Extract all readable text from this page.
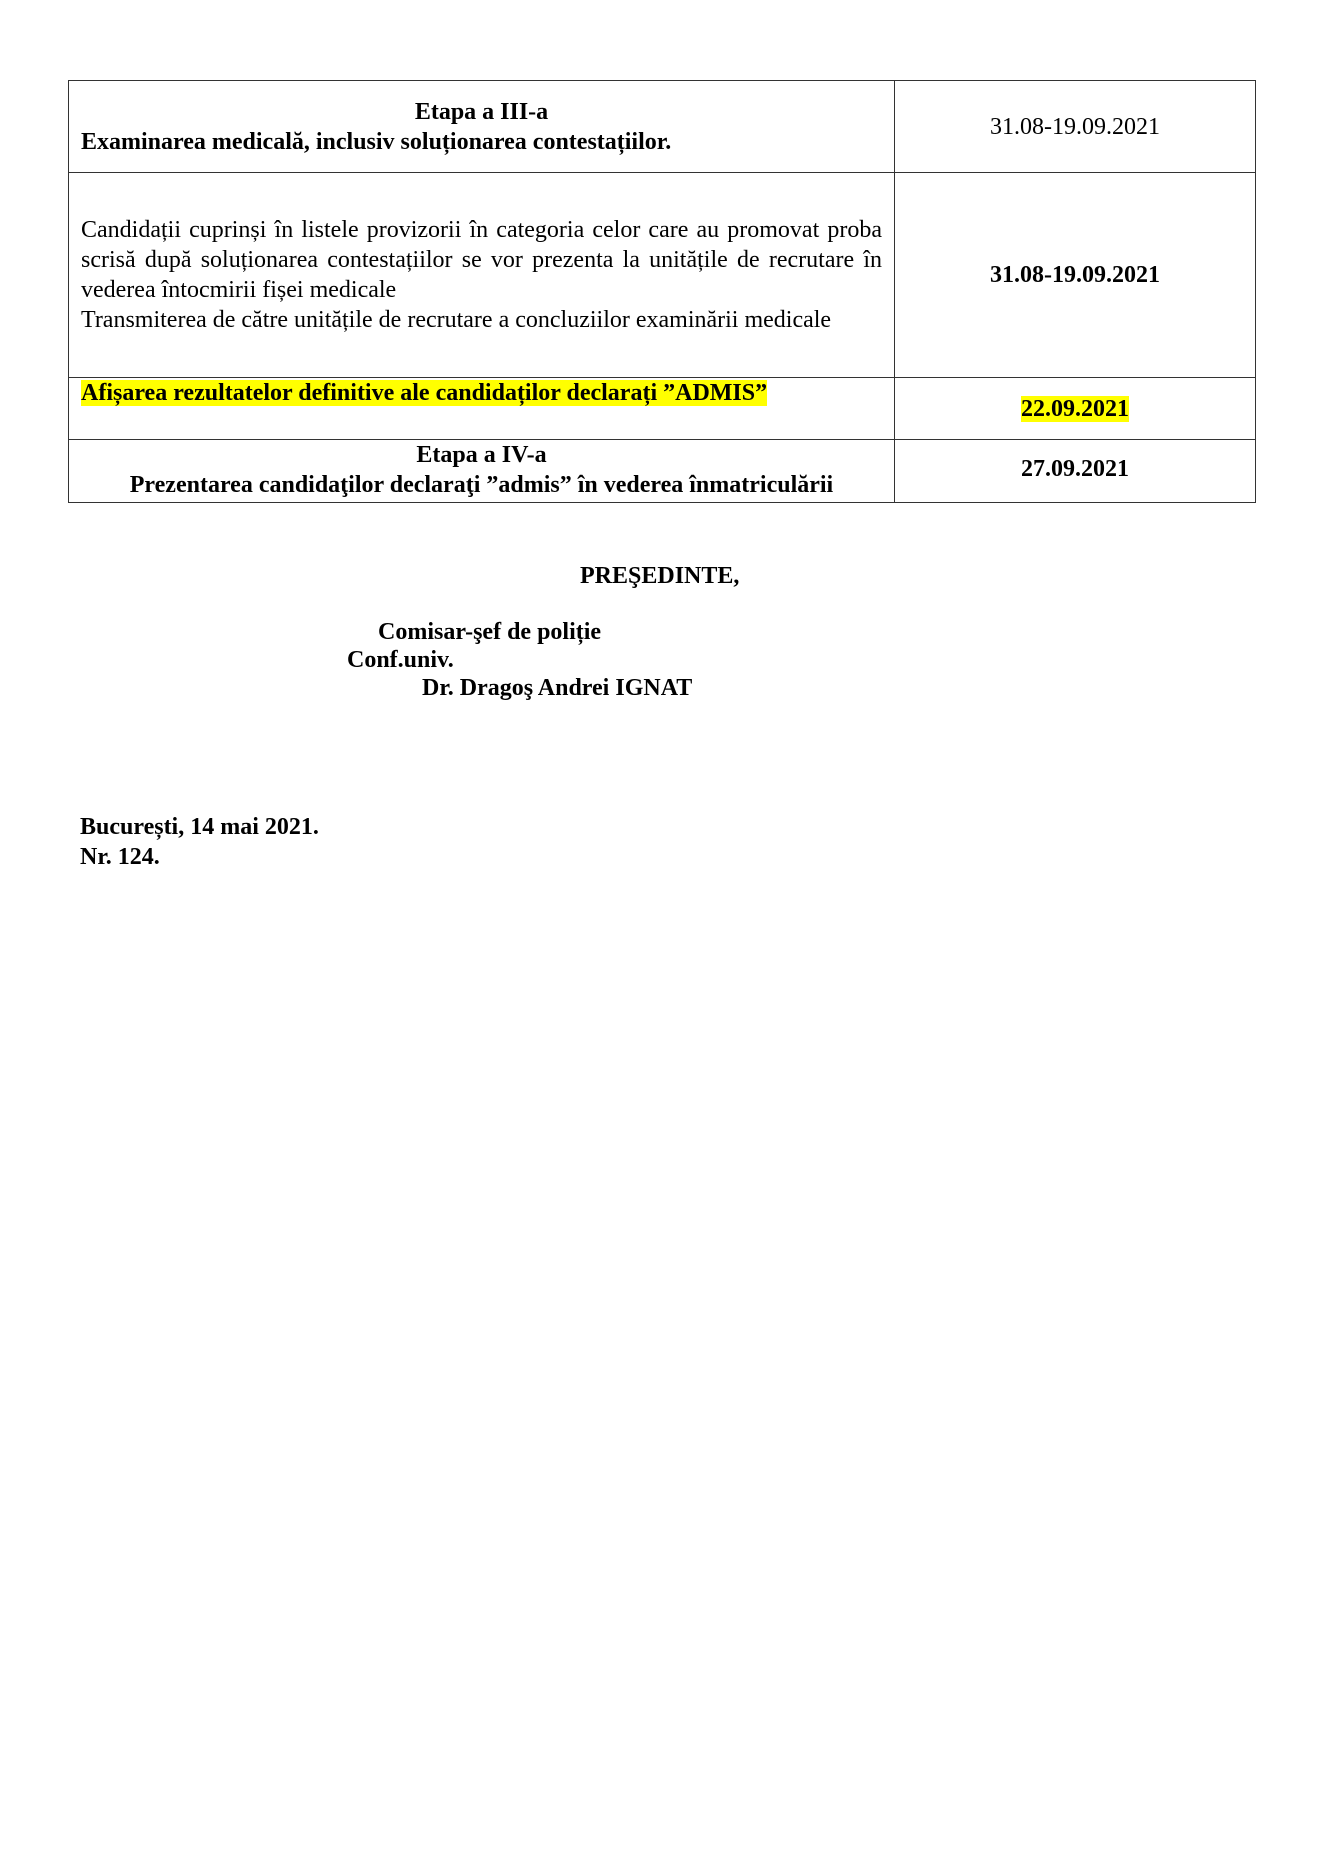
Etapa a III-a
Examinarea medicală, inclusiv soluționarea contestațiilor.	31.08-19.09.2021

Candidații cuprinși în listele provizorii în categoria celor care au promovat proba scrisă după soluționarea contestațiilor se vor prezenta la unitățile de recrutare în vederea întocmirii fișei medicale
Transmiterea de către unitățile de recrutare a concluziilor examinării medicale	31.08-19.09.2021
Afișarea rezultatelor definitive ale candidaților declarați ”ADMIS”	22.09.2021

Etapa a IV-a
Prezentarea candidaţilor declaraţi ”admis” în vederea înmatriculării	27.09.2021
PREŞEDINTE,
Comisar-şef de poliție
Conf.univ.
Dr. Dragoş Andrei IGNAT
București, 14 mai 2021.
Nr. 124.
